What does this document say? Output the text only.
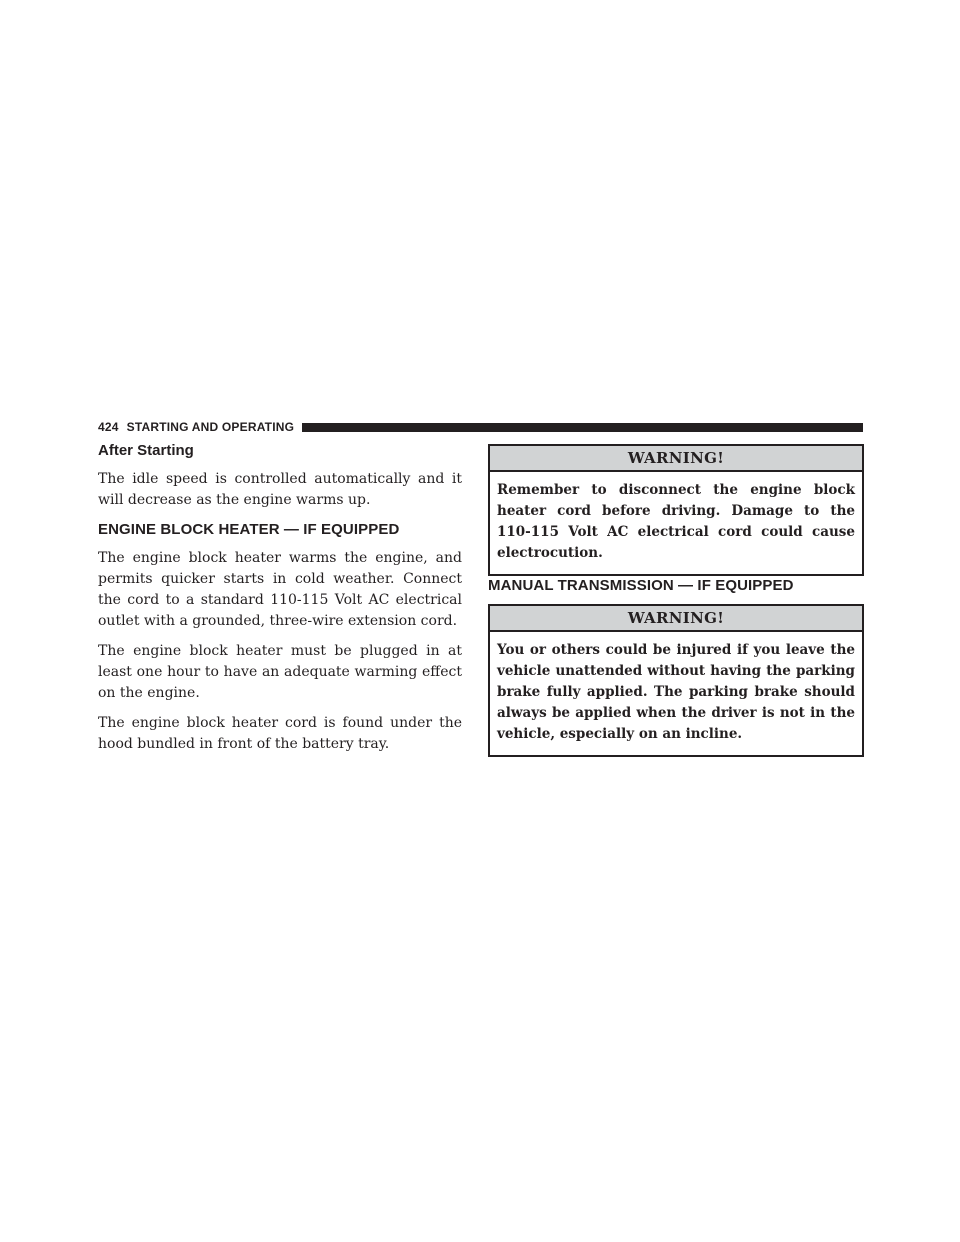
424 STARTING AND OPERATING
After Starting

The idle speed is controlled automatically and it will decrease as the engine warms up.

ENGINE BLOCK HEATER — IF EQUIPPED

The engine block heater warms the engine, and permits quicker starts in cold weather. Connect the cord to a standard 110-115 Volt AC electrical outlet with a grounded, three-wire extension cord.

The engine block heater must be plugged in at least one hour to have an adequate warming effect on the engine.

The engine block heater cord is found under the hood bundled in front of the battery tray.

WARNING!
Remember to disconnect the engine block heater cord before driving. Damage to the 110-115 Volt AC electrical cord could cause electrocution.
MANUAL TRANSMISSION — IF EQUIPPED
WARNING!
You or others could be injured if you leave the vehicle unattended without having the parking brake fully applied. The parking brake should always be applied when the driver is not in the vehicle, especially on an incline.
